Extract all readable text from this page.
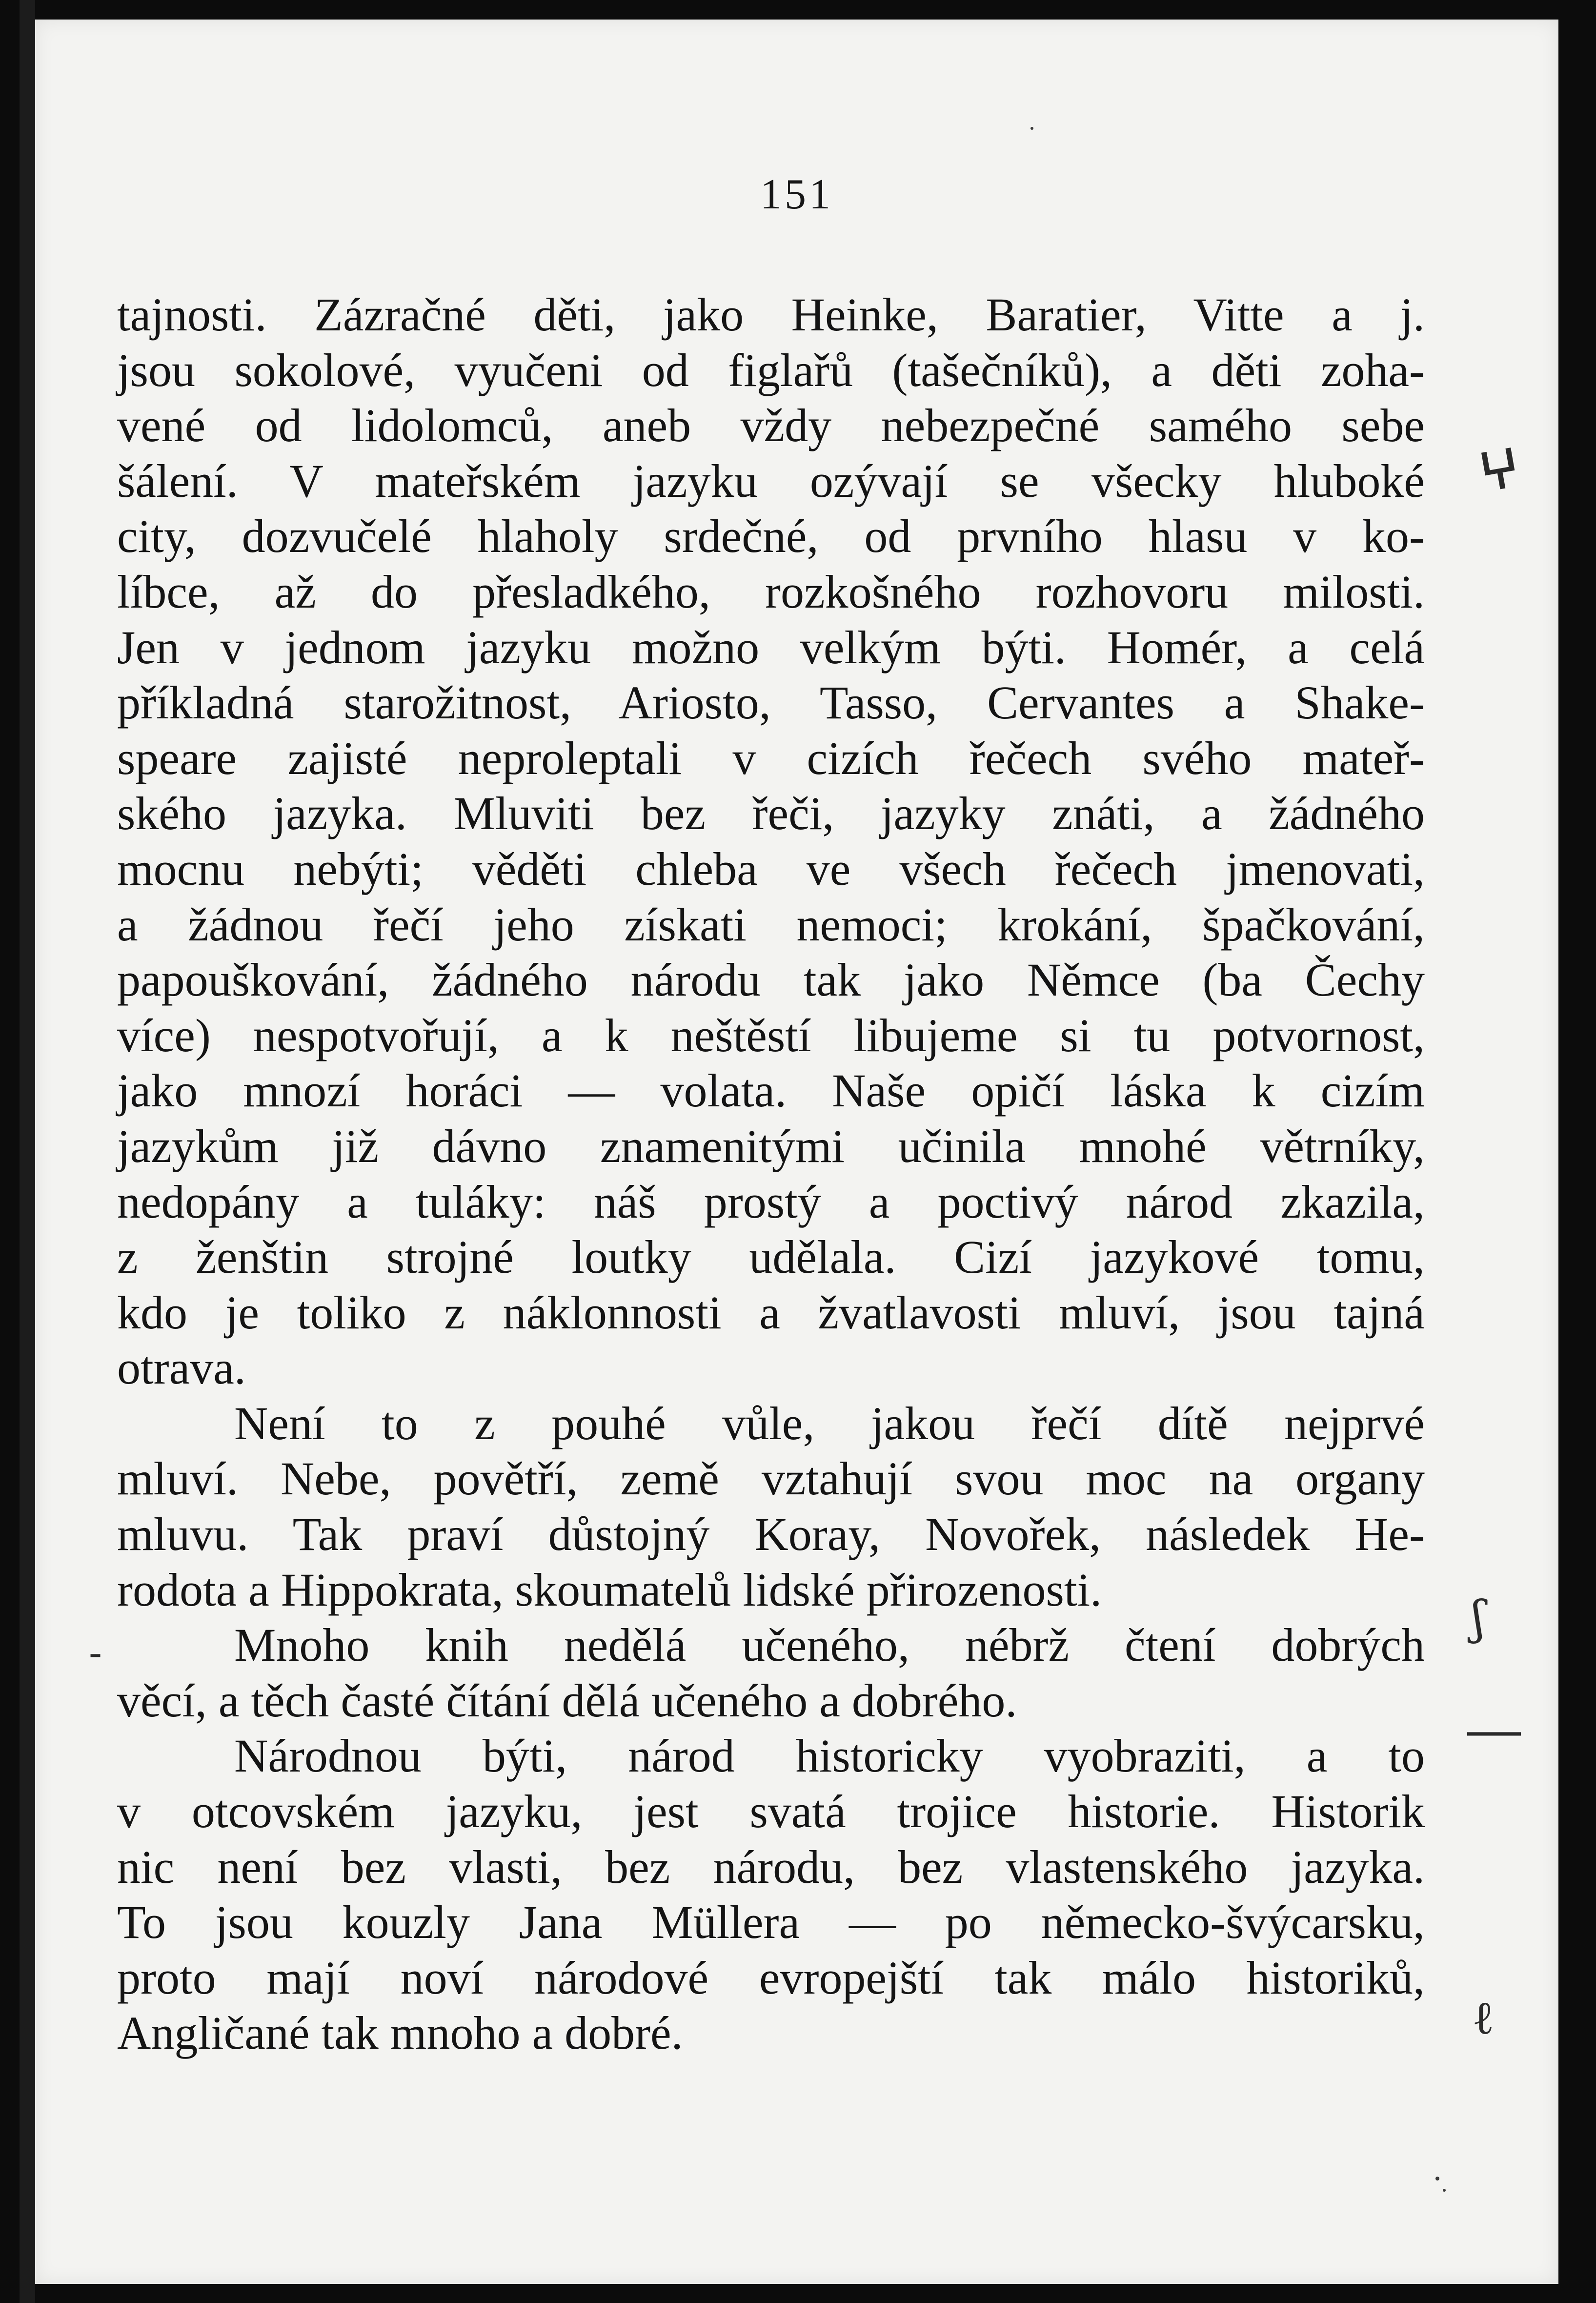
151
tajnosti. Zázračné děti, jako Heinke, Baratier, Vitte a j.
jsou sokolové, vyučeni od figlařů (tašečníků), a děti zoha-
vené od lidolomců, aneb vždy nebezpečné samého sebe
šálení. V mateřském jazyku ozývají se všecky hluboké
city, dozvučelé hlaholy srdečné, od prvního hlasu v ko-
líbce, až do přesladkého, rozkošného rozhovoru milosti.
Jen v jednom jazyku možno velkým býti. Homér, a celá
příkladná starožitnost, Ariosto, Tasso, Cervantes a Shake-
speare zajisté neproleptali v cizích řečech svého mateř-
ského jazyka. Mluviti bez řeči, jazyky znáti, a žádného
mocnu nebýti; věděti chleba ve všech řečech jmenovati,
a žádnou řečí jeho získati nemoci; krokání, špačkování,
papouškování, žádného národu tak jako Němce (ba Čechy
více) nespotvořují, a k neštěstí libujeme si tu potvornost,
jako mnozí horáci — volata. Naše opičí láska k cizím
jazykům již dávno znamenitými učinila mnohé větrníky,
nedopány a tuláky: náš prostý a poctivý národ zkazila,
z ženštin strojné loutky udělala. Cizí jazykové tomu,
kdo je toliko z náklonnosti a žvatlavosti mluví, jsou tajná
otrava.
Není to z pouhé vůle, jakou řečí dítě nejprvé
mluví. Nebe, povětří, země vztahují svou moc na organy
mluvu. Tak praví důstojný Koray, Novořek, následek He-
rodota a Hippokrata, skoumatelů lidské přirozenosti.
Mnoho knih nedělá učeného, nébrž čtení dobrých
věcí, a těch časté čítání dělá učeného a dobrého.
Národnou býti, národ historicky vyobraziti, a to
v otcovském jazyku, jest svatá trojice historie. Historik
nic není bez vlasti, bez národu, bez vlastenského jazyka.
To jsou kouzly Jana Müllera — po německo-švýcarsku,
proto mají noví národové evropejští tak málo historiků,
Angličané tak mnoho a dobré.
ⵖ
ʃ
―
ℓ
-
